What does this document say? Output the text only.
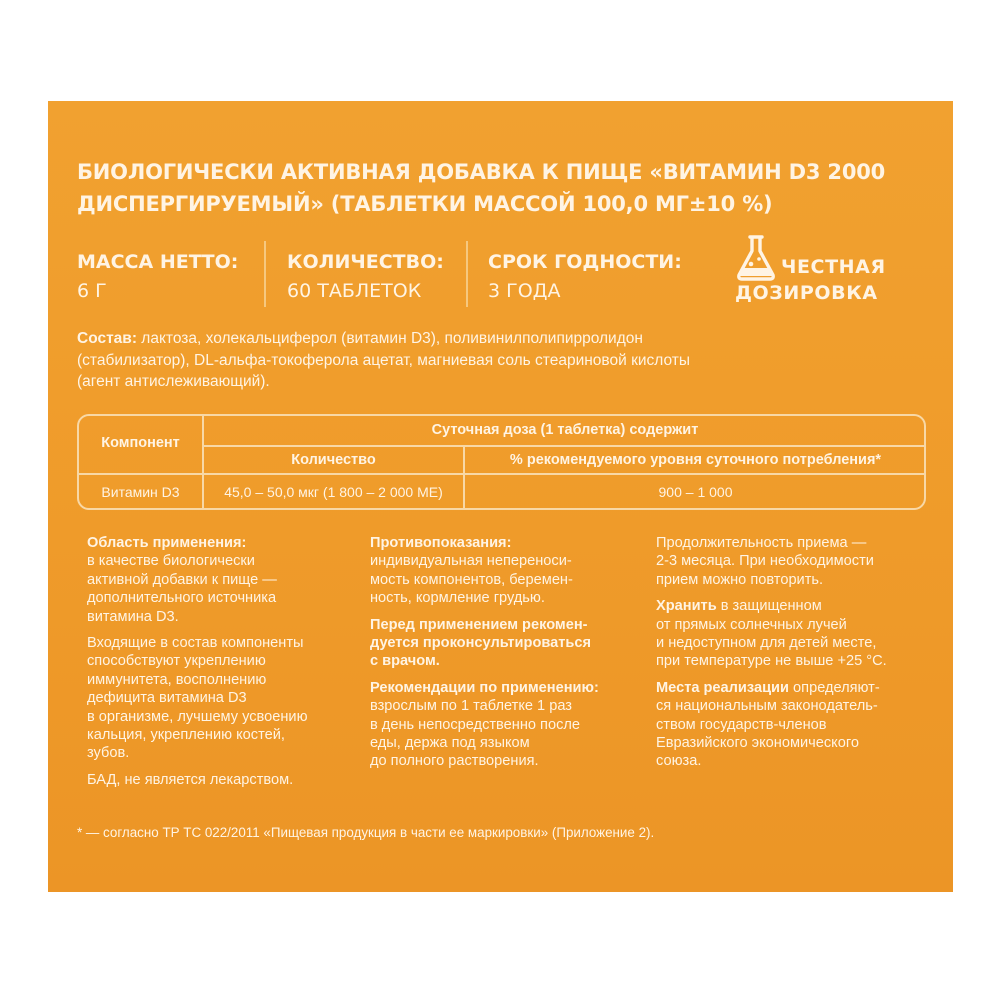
БИОЛОГИЧЕСКИ АКТИВНАЯ ДОБАВКА К ПИЩЕ «ВИТАМИН D3 2000
ДИСПЕРГИРУЕМЫЙ» (ТАБЛЕТКИ МАССОЙ 100,0 МГ±10 %)
МАССА НЕТТО:
6 Г
КОЛИЧЕСТВО:
60 ТАБЛЕТОК
СРОК ГОДНОСТИ:
3 ГОДА
ЧЕСТНАЯ
ДОЗИРОВКА
Состав: лактоза, холекальциферол (витамин D3), поливинилполипирролидон
(стабилизатор), DL-альфа-токоферола ацетат, магниевая соль стеариновой кислоты
(агент антислеживающий).
Компонент
Суточная доза (1 таблетка) содержит
Количество	% рекомендуемого уровня суточного потребления*
Витамин D3	45,0 – 50,0 мкг (1 800 – 2 000 МЕ)	900 – 1 000

Область применения:
в качестве биологически
активной добавки к пище —
дополнительного источника
витамина D3.

Входящие в состав компоненты
способствуют укреплению
иммунитета, восполнению
дефицита витамина D3
в организме, лучшему усвоению
кальция, укреплению костей,
зубов.

БАД, не является лекарством.

Противопоказания:
индивидуальная непереноси-
мость компонентов, беремен-
ность, кормление грудью.

Перед применением рекомен-
дуется проконсультироваться
с врачом.

Рекомендации по применению:
взрослым по 1 таблетке 1 раз
в день непосредственно после
еды, держа под языком
до полного растворения.

Продолжительность приема —
2-3 месяца. При необходимости
прием можно повторить.

Хранить в защищенном
от прямых солнечных лучей
и недоступном для детей месте,
при температуре не выше +25 °С.

Места реализации определяют-
ся национальным законодатель-
ством государств-членов
Евразийского экономического
союза.

* — согласно ТР ТС 022/2011 «Пищевая продукция в части ее маркировки» (Приложение 2).
